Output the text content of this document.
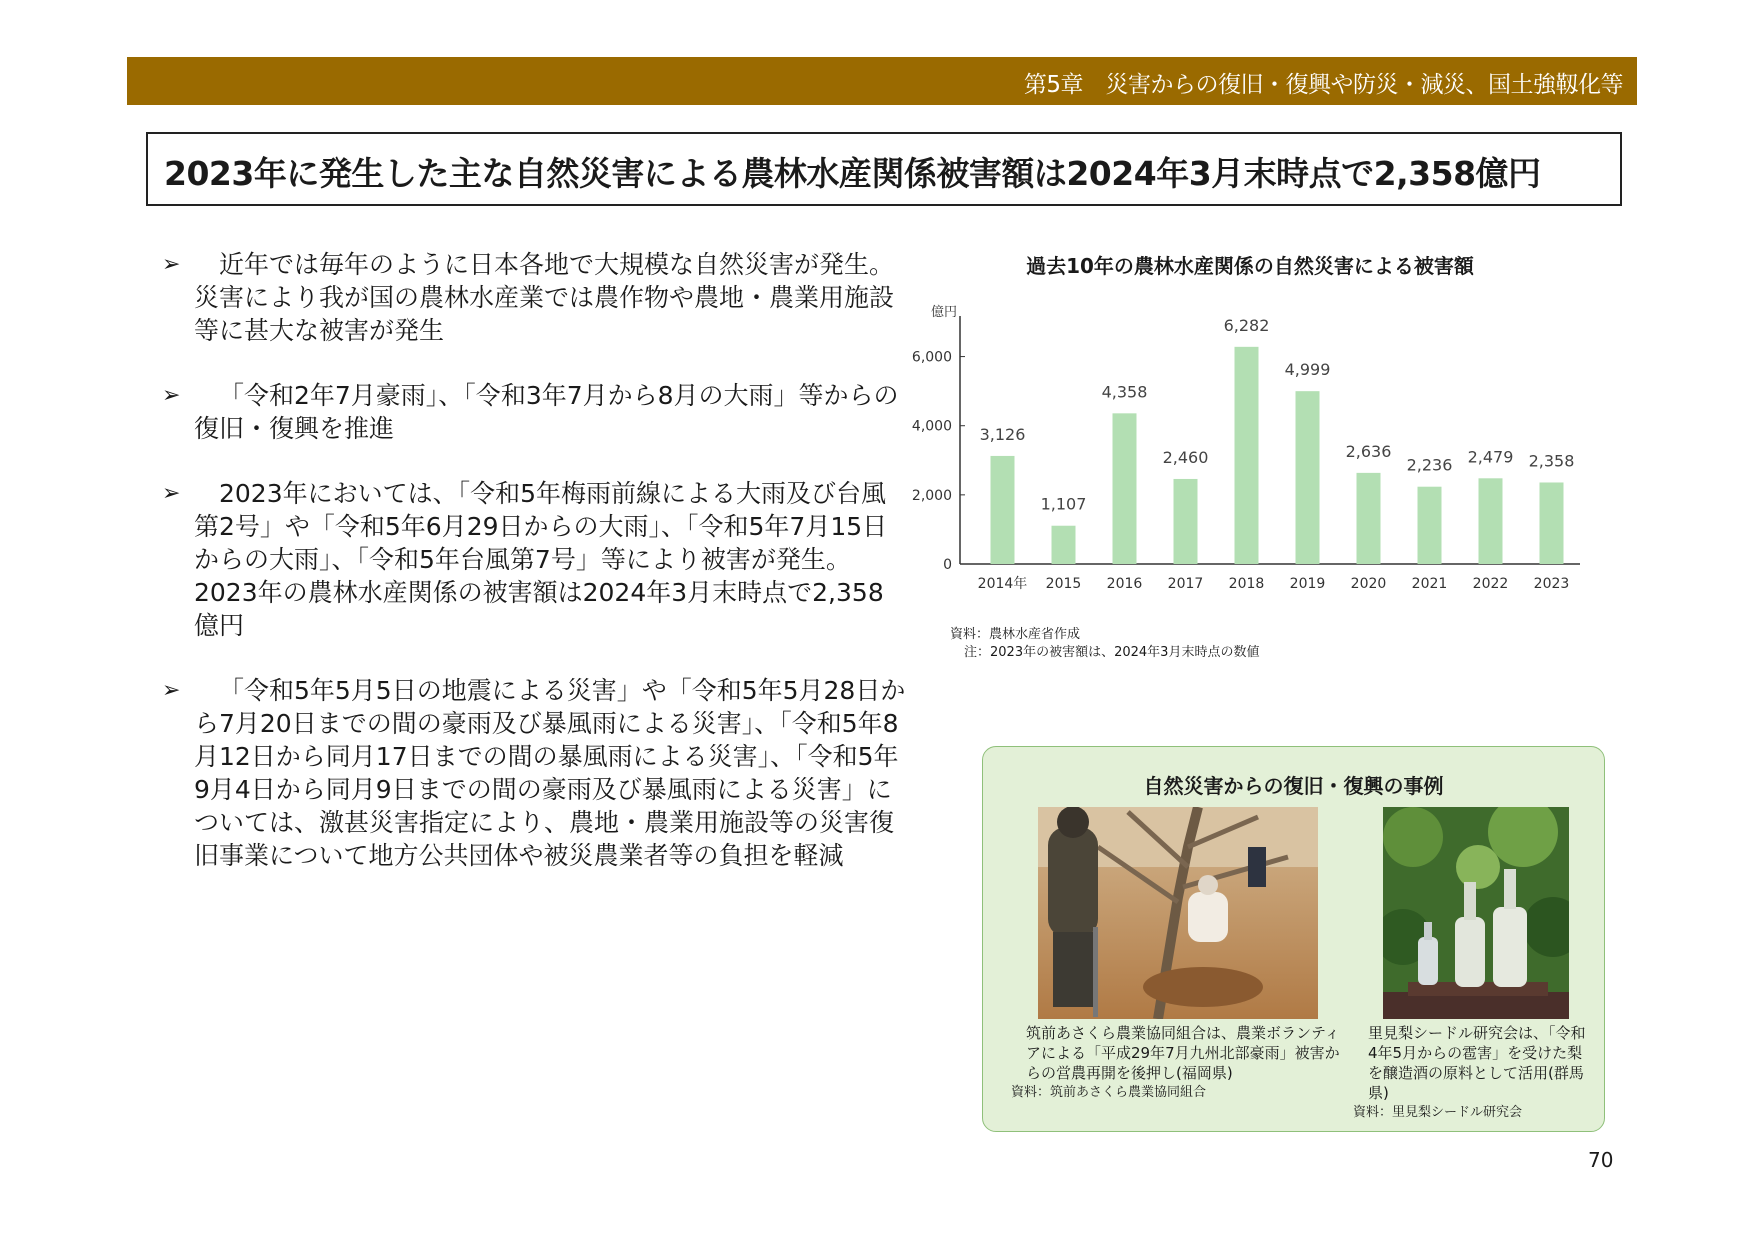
第5章　災害からの復旧・復興や防災・減災、国土強靱化等
2023年に発生した主な自然災害による農林水産関係被害額は2024年3月末時点で2,358億円
➢	近年では毎年のように日本各地で大規模な自然災害が発生。災害により我が国の農林水産業では農作物や農地・農業用施設等に甚大な被害が発生
➢	「令和2年7月豪雨」、「令和3年7月から8月の大雨」等からの復旧・復興を推進
➢	2023年においては、「令和5年梅雨前線による大雨及び台風第2号」や「令和5年6月29日からの大雨」、「令和5年7月15日からの大雨」、「令和5年台風第7号」等により被害が発生。2023年の農林水産関係の被害額は2024年3月末時点で2,358億円
➢	「令和5年5月5日の地震による災害」や「令和5年5月28日から7月20日までの間の豪雨及び暴風雨による災害」、「令和5年8月12日から同月17日までの間の暴風雨による災害」、「令和5年9月4日から同月9日までの間の豪雨及び暴風雨による災害」については、激甚災害指定により、農地・農業用施設等の災害復旧事業について地方公共団体や被災農業者等の負担を軽減
過去10年の農林水産関係の自然災害による被害額
億円
0
2,000
4,000
6,000
3,126
2014年
1,107
2015
4,358
2016
2,460
2017
6,282
2018
4,999
2019
2,636
2020
2,236
2021
2,479
2022
2,358
2023
資料：農林水産省作成
注：2023年の被害額は、2024年3月末時点の数値
自然災害からの復旧・復興の事例
筑前あさくら農業協同組合は、農業ボランティアによる「平成29年7月九州北部豪雨」被害からの営農再開を後押し(福岡県)
資料：筑前あさくら農業協同組合
里見梨シードル研究会は、「令和4年5月からの雹害」を受けた梨を醸造酒の原料として活用(群馬県)
資料：里見梨シードル研究会
70
